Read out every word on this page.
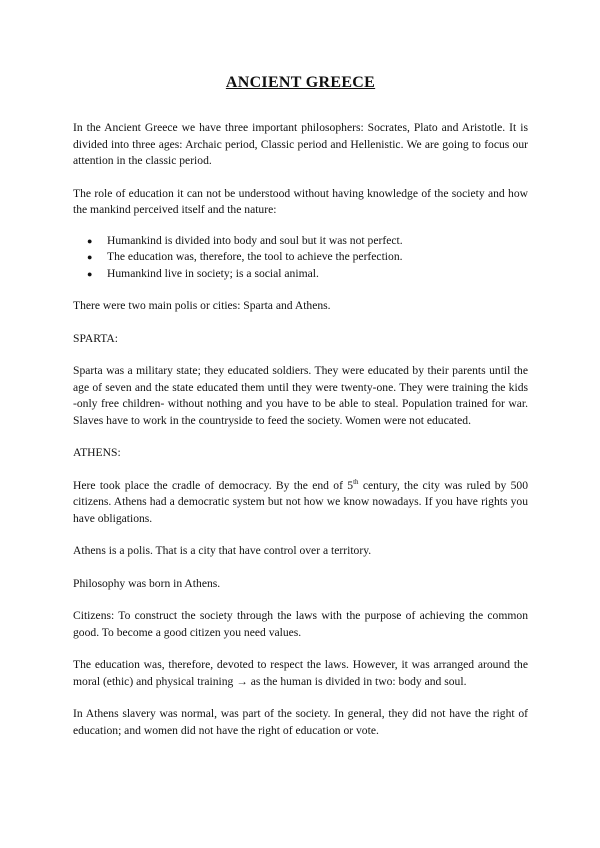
ANCIENT GREECE

In the Ancient Greece we have three important philosophers: Socrates, Plato and Aristotle. It is divided into three ages: Archaic period, Classic period and Hellenistic. We are going to focus our attention in the classic period.

The role of education it can not be understood without having knowledge of the society and how the mankind perceived itself and the nature:

● Humankind is divided into body and soul but it was not perfect.
● The education was, therefore, the tool to achieve the perfection.
● Humankind live in society; is a social animal.

There were two main polis or cities: Sparta and Athens.

SPARTA:

Sparta was a military state; they educated soldiers. They were educated by their parents until the age of seven and the state educated them until they were twenty-one. They were training the kids -only free children- without nothing and you have to be able to steal. Population trained for war. Slaves have to work in the countryside to feed the society. Women were not educated.

ATHENS:

Here took place the cradle of democracy. By the end of 5th century, the city was ruled by 500 citizens. Athens had a democratic system but not how we know nowadays. If you have rights you have obligations.

Athens is a polis. That is a city that have control over a territory.

Philosophy was born in Athens.

Citizens: To construct the society through the laws with the purpose of achieving the common good. To become a good citizen you need values.

The education was, therefore, devoted to respect the laws. However, it was arranged around the moral (ethic) and physical training → as the human is divided in two: body and soul.

In Athens slavery was normal, was part of the society. In general, they did not have the right of education; and women did not have the right of education or vote.
